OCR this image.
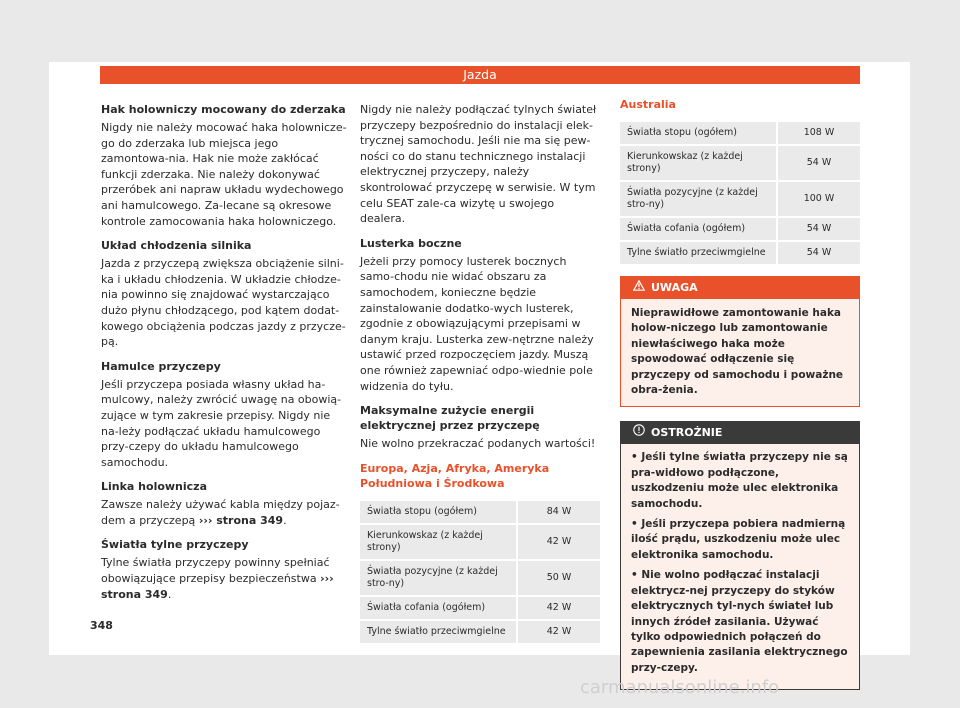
Jazda
Hak holowniczy mocowany do zderzaka

Nigdy nie należy mocować haka holownicze-go do zderzaka lub miejsca jego zamontowa-nia. Hak nie może zakłócać funkcji zderzaka. Nie należy dokonywać przeróbek ani napraw układu wydechowego ani hamulcowego. Za-lecane są okresowe kontrole zamocowania haka holowniczego.

Układ chłodzenia silnika

Jazda z przyczepą zwiększa obciążenie silni-ka i układu chłodzenia. W układzie chłodze-nia powinno się znajdować wystarczająco dużo płynu chłodzącego, pod kątem dodat-kowego obciążenia podczas jazdy z przycze-pą.

Hamulce przyczepy

Jeśli przyczepa posiada własny układ ha-mulcowy, należy zwrócić uwagę na obowią-zujące w tym zakresie przepisy. Nigdy nie na-leży podłączać układu hamulcowego przy-czepy do układu hamulcowego samochodu.

Linka holownicza

Zawsze należy używać kabla między pojaz-dem a przyczepą ››› strona 349.

Światła tylne przyczepy

Tylne światła przyczepy powinny spełniać obowiązujące przepisy bezpieczeństwa ››› strona 349.

Nigdy nie należy podłączać tylnych świateł przyczepy bezpośrednio do instalacji elek-trycznej samochodu. Jeśli nie ma się pew-ności co do stanu technicznego instalacji elektrycznej przyczepy, należy skontrolować przyczepę w serwisie. W tym celu SEAT zale-ca wizytę u swojego dealera.

Lusterka boczne

Jeżeli przy pomocy lusterek bocznych samo-chodu nie widać obszaru za samochodem, konieczne będzie zainstalowanie dodatko-wych lusterek, zgodnie z obowiązującymi przepisami w danym kraju. Lusterka zew-nętrzne należy ustawić przed rozpoczęciem jazdy. Muszą one również zapewniać odpo-wiednie pole widzenia do tyłu.

Maksymalne zużycie energii elektrycznej przez przyczepę

Nie wolno przekraczać podanych wartości!

Europa, Azja, Afryka, Ameryka Południowa i Środkowa
Światła stopu (ogółem)	84 W
Kierunkowskaz (z każdej strony)	42 W
Światła pozycyjne (z każdej stro-ny)	50 W
Światła cofania (ogółem)	42 W
Tylne światło przeciwmgielne	42 W
Australia
Światła stopu (ogółem)	108 W
Kierunkowskaz (z każdej strony)	54 W
Światła pozycyjne (z każdej stro-ny)	100 W
Światła cofania (ogółem)	54 W
Tylne światło przeciwmgielne	54 W
UWAGA
Nieprawidłowe zamontowanie haka holow-niczego lub zamontowanie niewłaściwego haka może spowodować odłączenie się przyczepy od samochodu i poważne obra-żenia.
OSTROŻNIE

• Jeśli tylne światła przyczepy nie są pra-widłowo podłączone, uszkodzeniu może ulec elektronika samochodu.

• Jeśli przyczepa pobiera nadmierną ilość prądu, uszkodzeniu może ulec elektronika samochodu.

• Nie wolno podłączać instalacji elektrycz-nej przyczepy do styków elektrycznych tyl-nych świateł lub innych źródeł zasilania. Używać tylko odpowiednich połączeń do zapewnienia zasilania elektrycznego przy-czepy.

348
carmanualsonline.info
